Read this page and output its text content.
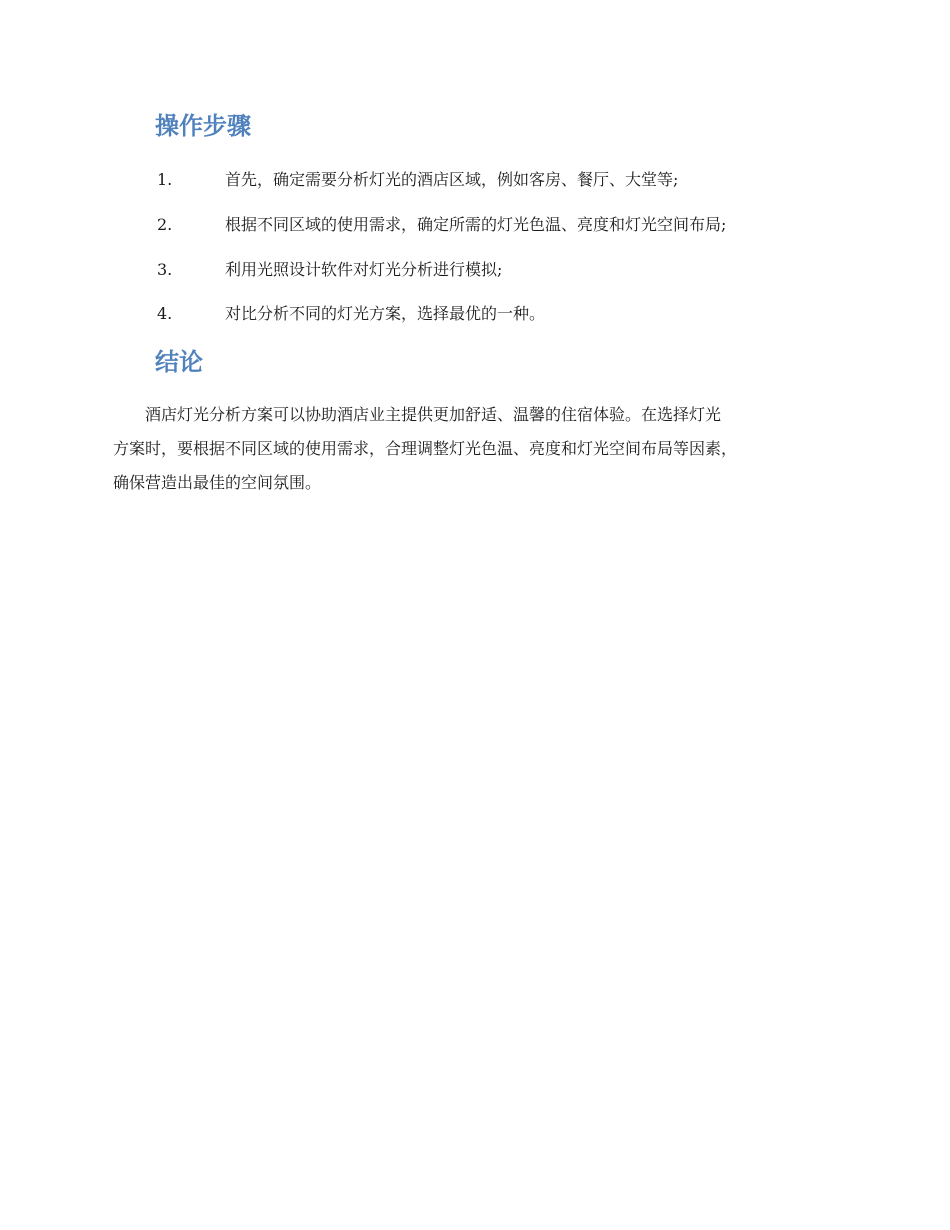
操作步骤
1.	首先，确定需要分析灯光的酒店区域，例如客房、餐厅、大堂等;
2.	根据不同区域的使用需求，确定所需的灯光色温、亮度和灯光空间布局;
3.	利用光照设计软件对灯光分析进行模拟;
4.	对比分析不同的灯光方案，选择最优的一种。
结论

酒店灯光分析方案可以协助酒店业主提供更加舒适、温馨的住宿体验。在选择灯光
方案时，要根据不同区域的使用需求，合理调整灯光色温、亮度和灯光空间布局等因素，
确保营造出最佳的空间氛围。
